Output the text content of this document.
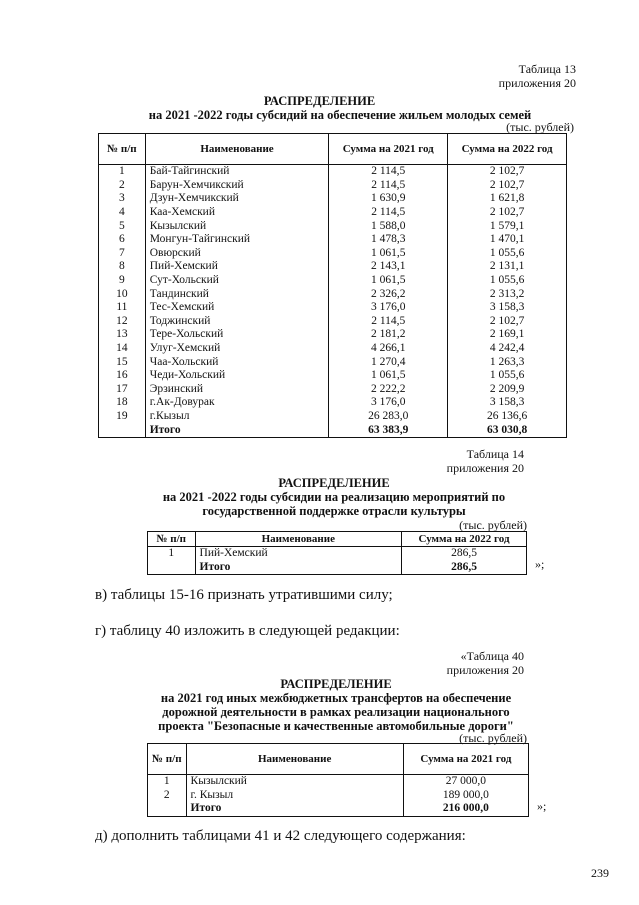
Таблица 13
приложения 20
РАСПРЕДЕЛЕНИЕ
на 2021 -2022 годы субсидий на обеспечение жильем молодых семей
(тыс. рублей)
№ п/п	Наименование	Сумма на 2021 год	Сумма на 2022 год
1	Бай-Тайгинский	2 114,5	2 102,7
2	Барун-Хемчикский	2 114,5	2 102,7
3	Дзун-Хемчикский	1 630,9	1 621,8
4	Каа-Хемский	2 114,5	2 102,7
5	Кызылский	1 588,0	1 579,1
6	Монгун-Тайгинский	1 478,3	1 470,1
7	Овюрский	1 061,5	1 055,6
8	Пий-Хемский	2 143,1	2 131,1
9	Сут-Хольский	1 061,5	1 055,6
10	Тандинский	2 326,2	2 313,2
11	Тес-Хемский	3 176,0	3 158,3
12	Тоджинский	2 114,5	2 102,7
13	Тере-Хольский	2 181,2	2 169,1
14	Улуг-Хемский	4 266,1	4 242,4
15	Чаа-Хольский	1 270,4	1 263,3
16	Чеди-Хольский	1 061,5	1 055,6
17	Эрзинский	2 222,2	2 209,9
18	г.Ак-Довурак	3 176,0	3 158,3
19	г.Кызыл	26 283,0	26 136,6
	Итого	63 383,9	63 030,8
Таблица 14
приложения 20
РАСПРЕДЕЛЕНИЕ
на 2021 -2022 годы субсидии на реализацию мероприятий по
государственной поддержке отрасли культуры
(тыс. рублей)
№ п/п	Наименование	Сумма на 2022 год
1	Пий-Хемский	286,5
	Итого	286,5	»;
в) таблицы 15-16 признать утратившими силу;
г) таблицу 40 изложить в следующей редакции:
«Таблица 40
приложения 20
РАСПРЕДЕЛЕНИЕ
на 2021 год иных межбюджетных трансфертов на обеспечение
дорожной деятельности в рамках реализации национального
проекта "Безопасные и качественные автомобильные дороги"
(тыс. рублей)
№ п/п	Наименование	Сумма на 2021 год
1	Кызылский	27 000,0
2	г. Кызыл	189 000,0
	Итого	216 000,0	»;
д) дополнить таблицами 41 и 42 следующего содержания:
239
